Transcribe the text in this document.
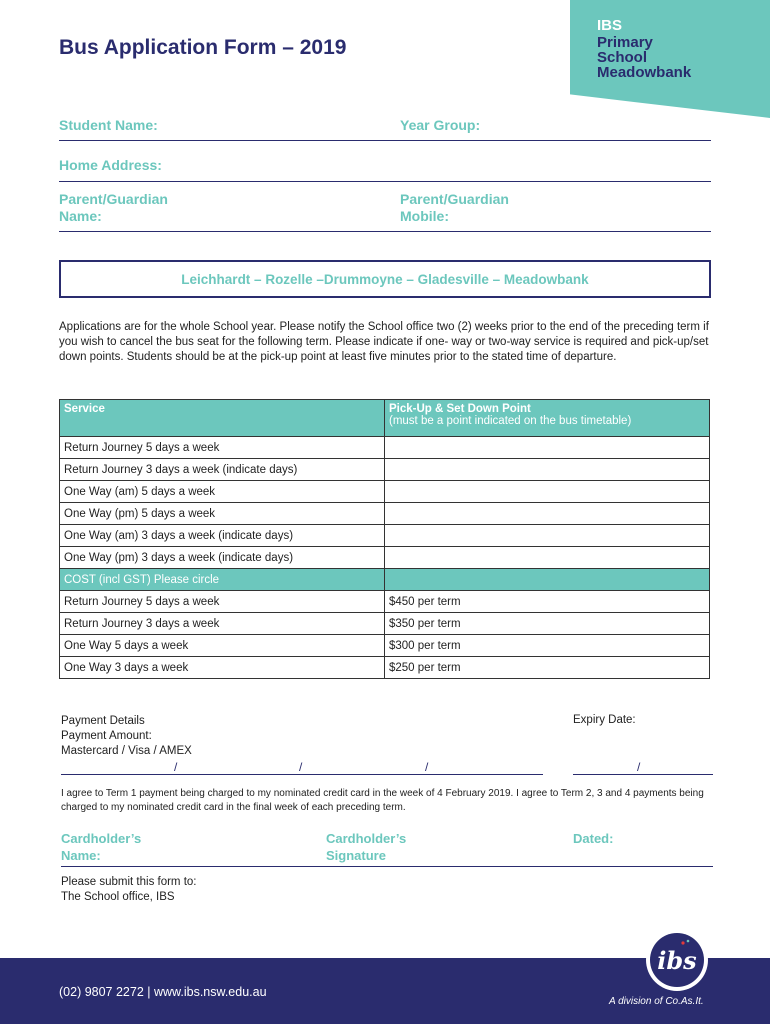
Bus Application Form – 2019
IBS
Primary
School
Meadowbank
Student Name:	Year Group:
Home Address:
Parent/Guardian
Name:
Parent/Guardian
Mobile:
Leichhardt – Rozelle –Drummoyne – Gladesville – Meadowbank
Applications are for the whole School year. Please notify the School office two (2) weeks prior to the end of the preceding term if you wish to cancel the bus seat for the following term. Please indicate if one- way or two-way service is required and pick-up/set down points. Students should be at the pick-up point at least five minutes prior to the stated time of departure.
Service	Pick-Up & Set Down Point
(must be a point indicated on the bus timetable)
Return Journey 5 days a week	
Return Journey 3 days a week (indicate days)	
One Way (am) 5 days a week	
One Way (pm) 5 days a week	
One Way (am) 3 days a week (indicate days)	
One Way (pm) 3 days a week (indicate days)	
COST (incl GST) Please circle	
Return Journey 5 days a week	$450 per term
Return Journey 3 days a week	$350 per term
One Way 5 days a week	$300 per term
One Way 3 days a week	$250 per term
Payment Details
Payment Amount:
Mastercard / Visa / AMEX
Expiry Date:
/	/	/	/
I agree to Term 1 payment being charged to my nominated credit card in the week of 4 February 2019. I agree to Term 2, 3 and 4 payments being charged to my nominated credit card in the final week of each preceding term.
Cardholder’s
Name:
Cardholder’s
Signature
Dated:
Please submit this form to:
The School office, IBS
(02) 9807 2272 | www.ibs.nsw.edu.au
A division of Co.As.It.
ibs
